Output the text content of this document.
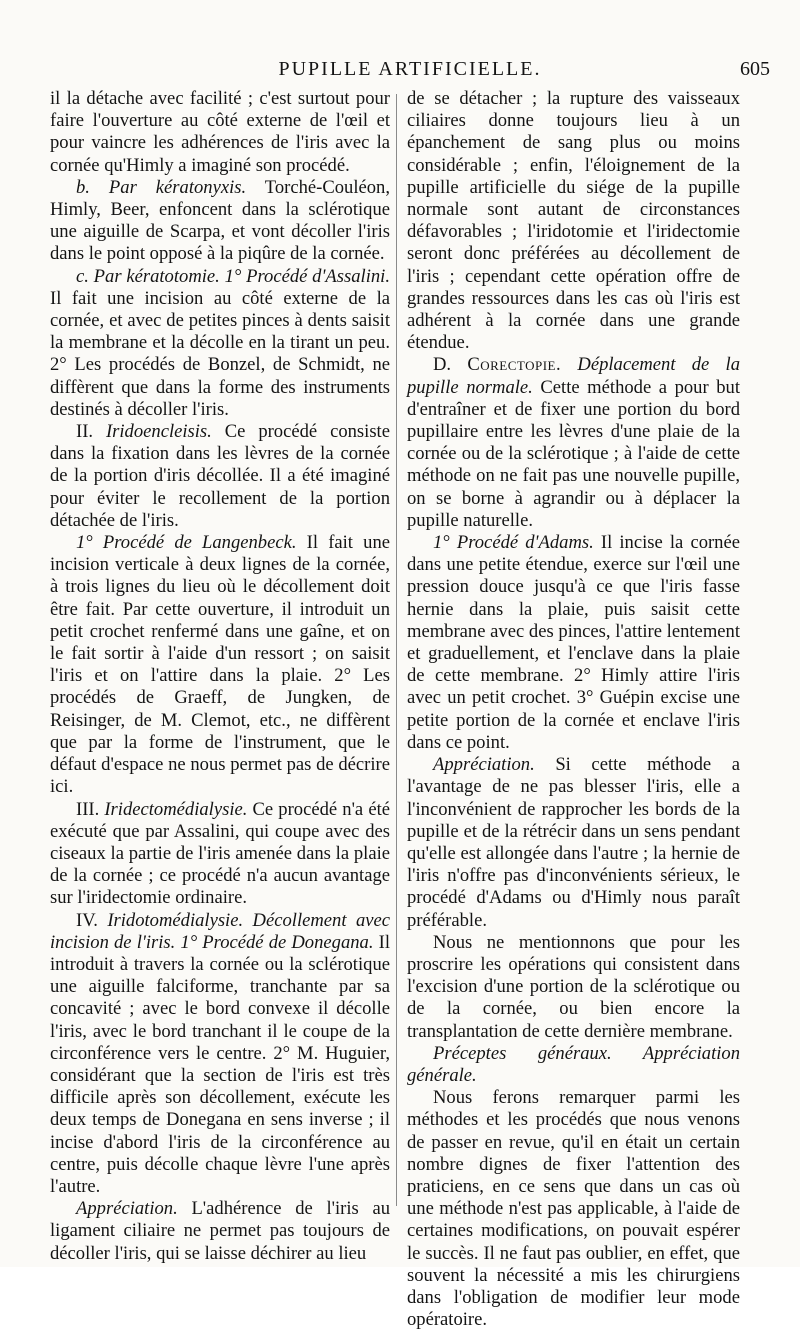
PUPILLE ARTIFICIELLE.	605

il la détache avec facilité ; c'est surtout pour faire l'ouverture au côté externe de l'œil et pour vaincre les adhérences de l'iris avec la cornée qu'Himly a imaginé son procédé.

b. Par kératonyxis. Torché-Couléon, Himly, Beer, enfoncent dans la sclérotique une aiguille de Scarpa, et vont décoller l'iris dans le point opposé à la piqûre de la cornée.

c. Par kératotomie. 1° Procédé d'Assalini. Il fait une incision au côté externe de la cornée, et avec de petites pinces à dents saisit la membrane et la décolle en la tirant un peu. 2° Les procédés de Bonzel, de Schmidt, ne diffèrent que dans la forme des instruments destinés à décoller l'iris.

II. Iridoencleisis. Ce procédé consiste dans la fixation dans les lèvres de la cornée de la portion d'iris décollée. Il a été imaginé pour éviter le recollement de la portion détachée de l'iris.

1° Procédé de Langenbeck. Il fait une incision verticale à deux lignes de la cornée, à trois lignes du lieu où le décollement doit être fait. Par cette ouverture, il introduit un petit crochet renfermé dans une gaîne, et on le fait sortir à l'aide d'un ressort ; on saisit l'iris et on l'attire dans la plaie. 2° Les procédés de Graeff, de Jungken, de Reisinger, de M. Clemot, etc., ne diffèrent que par la forme de l'instrument, que le défaut d'espace ne nous permet pas de décrire ici.

III. Iridectomédialysie. Ce procédé n'a été exécuté que par Assalini, qui coupe avec des ciseaux la partie de l'iris amenée dans la plaie de la cornée ; ce procédé n'a aucun avantage sur l'iridectomie ordinaire.

IV. Iridotomédialysie. Décollement avec incision de l'iris. 1° Procédé de Donegana. Il introduit à travers la cornée ou la sclérotique une aiguille falciforme, tranchante par sa concavité ; avec le bord convexe il décolle l'iris, avec le bord tranchant il le coupe de la circonférence vers le centre. 2° M. Huguier, considérant que la section de l'iris est très difficile après son décollement, exécute les deux temps de Donegana en sens inverse ; il incise d'abord l'iris de la circonférence au centre, puis décolle chaque lèvre l'une après l'autre.

Appréciation. L'adhérence de l'iris au ligament ciliaire ne permet pas toujours de décoller l'iris, qui se laisse déchirer au lieu

de se détacher ; la rupture des vaisseaux ciliaires donne toujours lieu à un épanchement de sang plus ou moins considérable ; enfin, l'éloignement de la pupille artificielle du siége de la pupille normale sont autant de circonstances défavorables ; l'iridotomie et l'iridectomie seront donc préférées au décollement de l'iris ; cependant cette opération offre de grandes ressources dans les cas où l'iris est adhérent à la cornée dans une grande étendue.

D. Corectopie. Déplacement de la pupille normale. Cette méthode a pour but d'entraîner et de fixer une portion du bord pupillaire entre les lèvres d'une plaie de la cornée ou de la sclérotique ; à l'aide de cette méthode on ne fait pas une nouvelle pupille, on se borne à agrandir ou à déplacer la pupille naturelle.

1° Procédé d'Adams. Il incise la cornée dans une petite étendue, exerce sur l'œil une pression douce jusqu'à ce que l'iris fasse hernie dans la plaie, puis saisit cette membrane avec des pinces, l'attire lentement et graduellement, et l'enclave dans la plaie de cette membrane. 2° Himly attire l'iris avec un petit crochet. 3° Guépin excise une petite portion de la cornée et enclave l'iris dans ce point.

Appréciation. Si cette méthode a l'avantage de ne pas blesser l'iris, elle a l'inconvénient de rapprocher les bords de la pupille et de la rétrécir dans un sens pendant qu'elle est allongée dans l'autre ; la hernie de l'iris n'offre pas d'inconvénients sérieux, le procédé d'Adams ou d'Himly nous paraît préférable.

Nous ne mentionnons que pour les proscrire les opérations qui consistent dans l'excision d'une portion de la sclérotique ou de la cornée, ou bien encore la transplantation de cette dernière membrane.

Préceptes généraux. Appréciation générale.

Nous ferons remarquer parmi les méthodes et les procédés que nous venons de passer en revue, qu'il en était un certain nombre dignes de fixer l'attention des praticiens, en ce sens que dans un cas où une méthode n'est pas applicable, à l'aide de certaines modifications, on pouvait espérer le succès. Il ne faut pas oublier, en effet, que souvent la nécessité a mis les chirurgiens dans l'obligation de modifier leur mode opératoire.
